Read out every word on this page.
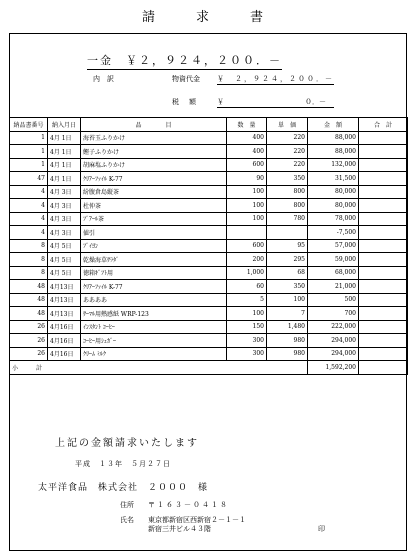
請　求　書
一金　￥２，９２４，２００．－
内　訳	物資代金 ￥　２，９２４，２００．－
税額 ￥	０．－
納品書番号	納入月日	品　　　　目	数　量	単　価	金　額	合　計
1	4月 1日	海苔玉ふりかけ	400	220	88,000	
1	4月 1日	鰹子ふりかけ	400	220	88,000	
1	4月 1日	胡麻塩ふりかけ	600	220	132,000	
47	4月 1日	ｸﾘｱｰﾌｧｲﾙ K-77	90	350	31,500	
4	4月 3日	紛腹倉島縦茶	100	800	80,000	
4	4月 3日	杜仲茶	100	800	80,000	
4	4月 3日	ﾌﾞｱｰﾙ茶	100	780	78,000	
4	4月 3日	値引			-7,500	
8	4月 5日	ﾌﾞｲﾖﾝ	600	95	57,000	
8	4月 5日	乾燥海草ｻﾗﾀﾞ	200	295	59,000	
8	4月 5日	徳箱ｷﾞﾌﾄ用	1,000	68	68,000	
48	4月13日	ｸﾘｱｰﾌｧｲﾙ K-77	60	350	21,000	
48	4月13日	ああああ	5	100	500	
48	4月13日	ｻｰﾏﾙ用熱感紙 WRP-123	100	7	700	
26	4月16日	ｲﾝｽﾀﾝﾄ ｺｰﾋｰ	150	1,480	222,000	
26	4月16日	ｺｰﾋｰ用ｼｭｶﾞｰ	300	980	294,000	
26	4月16日	ｸﾘｰﾑ ﾐﾙｸ	300	980	294,000	
小　　　計					1,592,200	
上記の金額請求いたします
平成　１３年　５月２７日
太平洋食品　株式会社　２０００　様
住所 〒１６３－０４１８
氏名 東京都新宿区西新宿２－１－１
新宿三井ビル４３階	印
